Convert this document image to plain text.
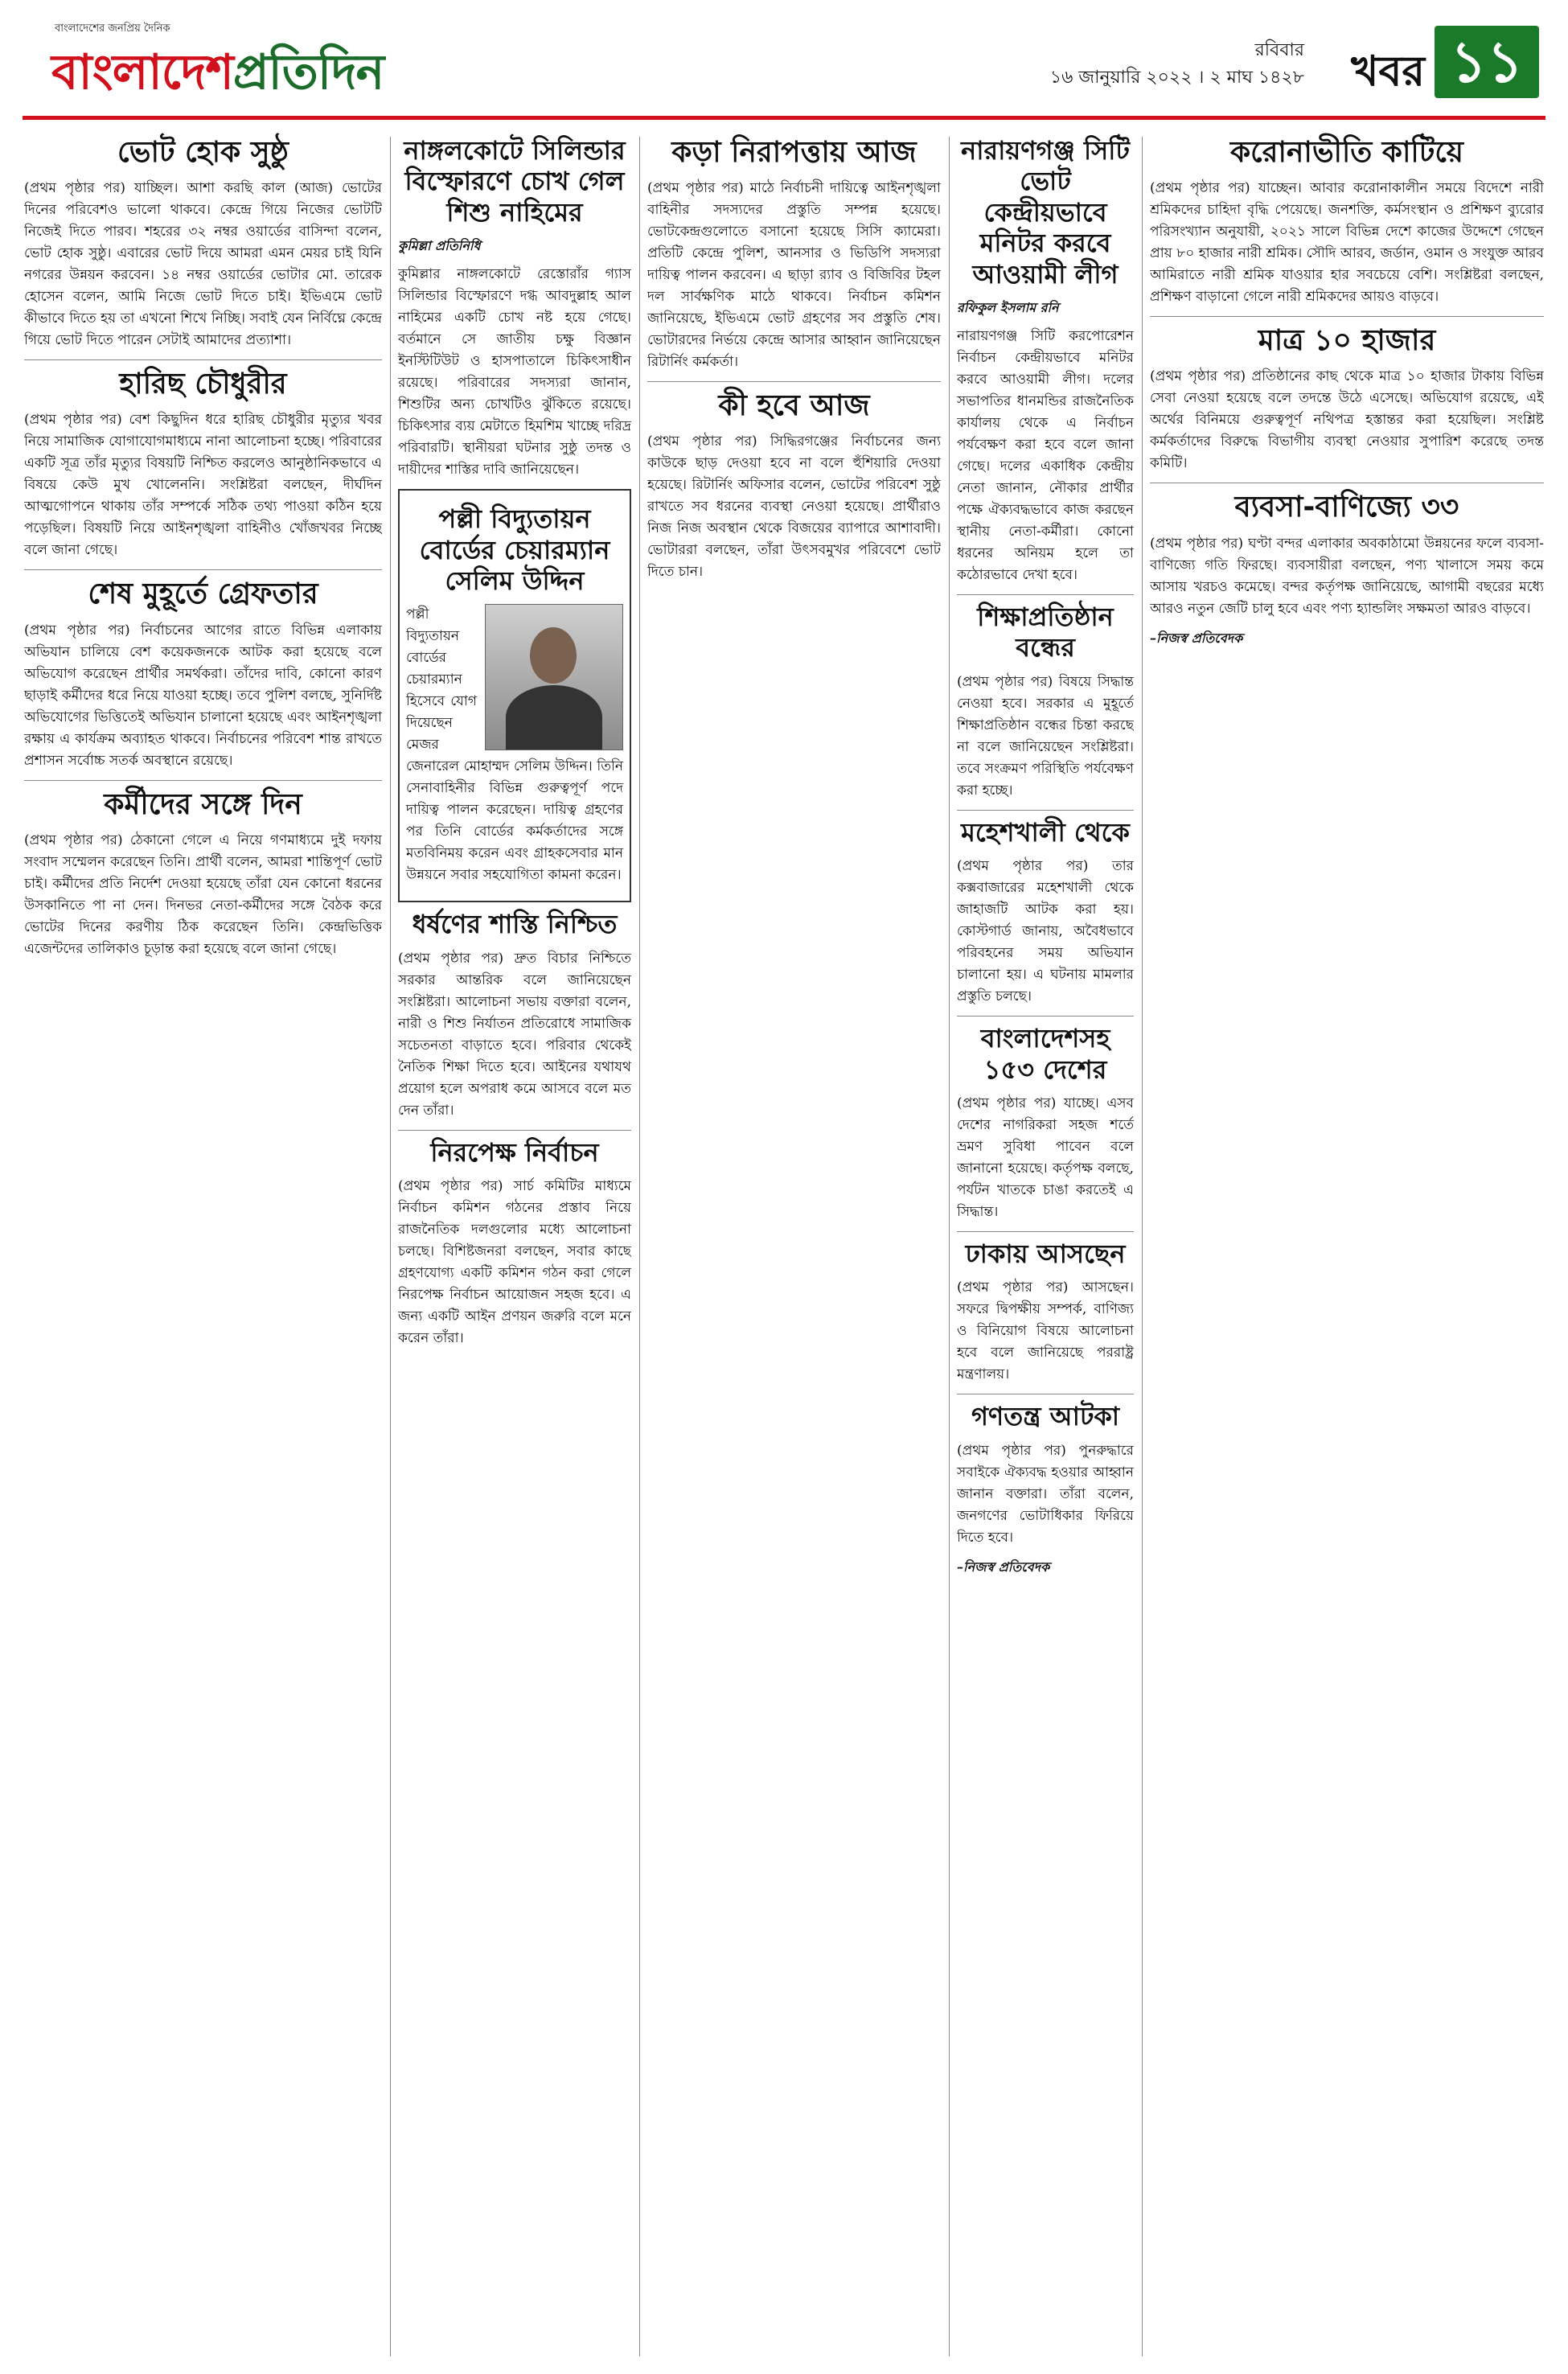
বাংলাদেশের জনপ্রিয় দৈনিক
বাংলাদেশপ্রতিদিন	রবিবার
১৬ জানুয়ারি ২০২২ । ২ মাঘ ১৪২৮ খবর ১১
ভোট হোক সুষ্ঠু

(প্রথম পৃষ্ঠার পর) যাচ্ছিল। আশা করছি কাল (আজ) ভোটের দিনের পরিবেশও ভালো থাকবে। কেন্দ্রে গিয়ে নিজের ভোটটি নিজেই দিতে পারব। শহরের ৩২ নম্বর ওয়ার্ডের বাসিন্দা বলেন, ভোট হোক সুষ্ঠু। এবারের ভোট দিয়ে আমরা এমন মেয়র চাই যিনি নগরের উন্নয়ন করবেন। ১৪ নম্বর ওয়ার্ডের ভোটার মো. তারেক হোসেন বলেন, আমি নিজে ভোট দিতে চাই। ইভিএমে ভোট কীভাবে দিতে হয় তা এখনো শিখে নিচ্ছি। সবাই যেন নির্বিঘ্নে কেন্দ্রে গিয়ে ভোট দিতে পারেন সেটাই আমাদের প্রত্যাশা।

হারিছ চৌধুরীর

(প্রথম পৃষ্ঠার পর) বেশ কিছুদিন ধরে হারিছ চৌধুরীর মৃত্যুর খবর নিয়ে সামাজিক যোগাযোগমাধ্যমে নানা আলোচনা হচ্ছে। পরিবারের একটি সূত্র তাঁর মৃত্যুর বিষয়টি নিশ্চিত করলেও আনুষ্ঠানিকভাবে এ বিষয়ে কেউ মুখ খোলেননি। সংশ্লিষ্টরা বলছেন, দীর্ঘদিন আত্মগোপনে থাকায় তাঁর সম্পর্কে সঠিক তথ্য পাওয়া কঠিন হয়ে পড়েছিল। বিষয়টি নিয়ে আইনশৃঙ্খলা বাহিনীও খোঁজখবর নিচ্ছে বলে জানা গেছে।

শেষ মুহূর্তে গ্রেফতার

(প্রথম পৃষ্ঠার পর) নির্বাচনের আগের রাতে বিভিন্ন এলাকায় অভিযান চালিয়ে বেশ কয়েকজনকে আটক করা হয়েছে বলে অভিযোগ করেছেন প্রার্থীর সমর্থকরা। তাঁদের দাবি, কোনো কারণ ছাড়াই কর্মীদের ধরে নিয়ে যাওয়া হচ্ছে। তবে পুলিশ বলছে, সুনির্দিষ্ট অভিযোগের ভিত্তিতেই অভিযান চালানো হয়েছে এবং আইনশৃঙ্খলা রক্ষায় এ কার্যক্রম অব্যাহত থাকবে। নির্বাচনের পরিবেশ শান্ত রাখতে প্রশাসন সর্বোচ্চ সতর্ক অবস্থানে রয়েছে।

কর্মীদের সঙ্গে দিন

(প্রথম পৃষ্ঠার পর) ঠেকানো গেলে এ নিয়ে গণমাধ্যমে দুই দফায় সংবাদ সম্মেলন করেছেন তিনি। প্রার্থী বলেন, আমরা শান্তিপূর্ণ ভোট চাই। কর্মীদের প্রতি নির্দেশ দেওয়া হয়েছে তাঁরা যেন কোনো ধরনের উসকানিতে পা না দেন। দিনভর নেতা-কর্মীদের সঙ্গে বৈঠক করে ভোটের দিনের করণীয় ঠিক করেছেন তিনি। কেন্দ্রভিত্তিক এজেন্টদের তালিকাও চূড়ান্ত করা হয়েছে বলে জানা গেছে।

নাঙ্গলকোটে সিলিন্ডার বিস্ফোরণে চোখ গেল শিশু নাহিমের
কুমিল্লা প্রতিনিধি

কুমিল্লার নাঙ্গলকোটে রেস্তোরাঁর গ্যাস সিলিন্ডার বিস্ফোরণে দগ্ধ আবদুল্লাহ আল নাহিমের একটি চোখ নষ্ট হয়ে গেছে। বর্তমানে সে জাতীয় চক্ষু বিজ্ঞান ইনস্টিটিউট ও হাসপাতালে চিকিৎসাধীন রয়েছে। পরিবারের সদস্যরা জানান, শিশুটির অন্য চোখটিও ঝুঁকিতে রয়েছে। চিকিৎসার ব্যয় মেটাতে হিমশিম খাচ্ছে দরিদ্র পরিবারটি। স্থানীয়রা ঘটনার সুষ্ঠু তদন্ত ও দায়ীদের শাস্তির দাবি জানিয়েছেন।

পল্লী বিদ্যুতায়ন বোর্ডের চেয়ারম্যান সেলিম উদ্দিন

পল্লী বিদ্যুতায়ন বোর্ডের চেয়ারম্যান হিসেবে যোগ দিয়েছেন মেজর জেনারেল মোহাম্মদ সেলিম উদ্দিন। তিনি সেনাবাহিনীর বিভিন্ন গুরুত্বপূর্ণ পদে দায়িত্ব পালন করেছেন। দায়িত্ব গ্রহণের পর তিনি বোর্ডের কর্মকর্তাদের সঙ্গে মতবিনিময় করেন এবং গ্রাহকসেবার মান উন্নয়নে সবার সহযোগিতা কামনা করেন।

ধর্ষণের শাস্তি নিশ্চিত

(প্রথম পৃষ্ঠার পর) দ্রুত বিচার নিশ্চিতে সরকার আন্তরিক বলে জানিয়েছেন সংশ্লিষ্টরা। আলোচনা সভায় বক্তারা বলেন, নারী ও শিশু নির্যাতন প্রতিরোধে সামাজিক সচেতনতা বাড়াতে হবে। পরিবার থেকেই নৈতিক শিক্ষা দিতে হবে। আইনের যথাযথ প্রয়োগ হলে অপরাধ কমে আসবে বলে মত দেন তাঁরা।

নিরপেক্ষ নির্বাচন

(প্রথম পৃষ্ঠার পর) সার্চ কমিটির মাধ্যমে নির্বাচন কমিশন গঠনের প্রস্তাব নিয়ে রাজনৈতিক দলগুলোর মধ্যে আলোচনা চলছে। বিশিষ্টজনরা বলছেন, সবার কাছে গ্রহণযোগ্য একটি কমিশন গঠন করা গেলে নিরপেক্ষ নির্বাচন আয়োজন সহজ হবে। এ জন্য একটি আইন প্রণয়ন জরুরি বলে মনে করেন তাঁরা।

কড়া নিরাপত্তায় আজ

(প্রথম পৃষ্ঠার পর) মাঠে নির্বাচনী দায়িত্বে আইনশৃঙ্খলা বাহিনীর সদস্যদের প্রস্তুতি সম্পন্ন হয়েছে। ভোটকেন্দ্রগুলোতে বসানো হয়েছে সিসি ক্যামেরা। প্রতিটি কেন্দ্রে পুলিশ, আনসার ও ভিডিপি সদস্যরা দায়িত্ব পালন করবেন। এ ছাড়া র‌্যাব ও বিজিবির টহল দল সার্বক্ষণিক মাঠে থাকবে। নির্বাচন কমিশন জানিয়েছে, ইভিএমে ভোট গ্রহণের সব প্রস্তুতি শেষ। ভোটারদের নির্ভয়ে কেন্দ্রে আসার আহ্বান জানিয়েছেন রিটার্নিং কর্মকর্তা।

কী হবে আজ

(প্রথম পৃষ্ঠার পর) সিদ্ধিরগঞ্জের নির্বাচনের জন্য কাউকে ছাড় দেওয়া হবে না বলে হুঁশিয়ারি দেওয়া হয়েছে। রিটার্নিং অফিসার বলেন, ভোটের পরিবেশ সুষ্ঠু রাখতে সব ধরনের ব্যবস্থা নেওয়া হয়েছে। প্রার্থীরাও নিজ নিজ অবস্থান থেকে বিজয়ের ব্যাপারে আশাবাদী। ভোটাররা বলছেন, তাঁরা উৎসবমুখর পরিবেশে ভোট দিতে চান।

নারায়ণগঞ্জ সিটি ভোট কেন্দ্রীয়ভাবে মনিটর করবে আওয়ামী লীগ
রফিকুল ইসলাম রনি

নারায়ণগঞ্জ সিটি করপোরেশন নির্বাচন কেন্দ্রীয়ভাবে মনিটর করবে আওয়ামী লীগ। দলের সভাপতির ধানমন্ডির রাজনৈতিক কার্যালয় থেকে এ নির্বাচন পর্যবেক্ষণ করা হবে বলে জানা গেছে। দলের একাধিক কেন্দ্রীয় নেতা জানান, নৌকার প্রার্থীর পক্ষে ঐক্যবদ্ধভাবে কাজ করছেন স্থানীয় নেতা-কর্মীরা। কোনো ধরনের অনিয়ম হলে তা কঠোরভাবে দেখা হবে।

শিক্ষাপ্রতিষ্ঠান বন্ধের

(প্রথম পৃষ্ঠার পর) বিষয়ে সিদ্ধান্ত নেওয়া হবে। সরকার এ মুহূর্তে শিক্ষাপ্রতিষ্ঠান বন্ধের চিন্তা করছে না বলে জানিয়েছেন সংশ্লিষ্টরা। তবে সংক্রমণ পরিস্থিতি পর্যবেক্ষণ করা হচ্ছে।

মহেশখালী থেকে

(প্রথম পৃষ্ঠার পর) তার কক্সবাজারের মহেশখালী থেকে জাহাজটি আটক করা হয়। কোস্টগার্ড জানায়, অবৈধভাবে পরিবহনের সময় অভিযান চালানো হয়। এ ঘটনায় মামলার প্রস্তুতি চলছে।

বাংলাদেশসহ ১৫৩ দেশের

(প্রথম পৃষ্ঠার পর) যাচ্ছে। এসব দেশের নাগরিকরা সহজ শর্তে ভ্রমণ সুবিধা পাবেন বলে জানানো হয়েছে। কর্তৃপক্ষ বলছে, পর্যটন খাতকে চাঙা করতেই এ সিদ্ধান্ত।

ঢাকায় আসছেন

(প্রথম পৃষ্ঠার পর) আসছেন। সফরে দ্বিপক্ষীয় সম্পর্ক, বাণিজ্য ও বিনিয়োগ বিষয়ে আলোচনা হবে বলে জানিয়েছে পররাষ্ট্র মন্ত্রণালয়।

গণতন্ত্র আটকা

(প্রথম পৃষ্ঠার পর) পুনরুদ্ধারে সবাইকে ঐক্যবদ্ধ হওয়ার আহ্বান জানান বক্তারা। তাঁরা বলেন, জনগণের ভোটাধিকার ফিরিয়ে দিতে হবে।

–নিজস্ব প্রতিবেদক
করোনাভীতি কাটিয়ে

(প্রথম পৃষ্ঠার পর) যাচ্ছেন। আবার করোনাকালীন সময়ে বিদেশে নারী শ্রমিকদের চাহিদা বৃদ্ধি পেয়েছে। জনশক্তি, কর্মসংস্থান ও প্রশিক্ষণ ব্যুরোর পরিসংখ্যান অনুযায়ী, ২০২১ সালে বিভিন্ন দেশে কাজের উদ্দেশে গেছেন প্রায় ৮০ হাজার নারী শ্রমিক। সৌদি আরব, জর্ডান, ওমান ও সংযুক্ত আরব আমিরাতে নারী শ্রমিক যাওয়ার হার সবচেয়ে বেশি। সংশ্লিষ্টরা বলছেন, প্রশিক্ষণ বাড়ানো গেলে নারী শ্রমিকদের আয়ও বাড়বে।

মাত্র ১০ হাজার

(প্রথম পৃষ্ঠার পর) প্রতিষ্ঠানের কাছ থেকে মাত্র ১০ হাজার টাকায় বিভিন্ন সেবা নেওয়া হয়েছে বলে তদন্তে উঠে এসেছে। অভিযোগ রয়েছে, এই অর্থের বিনিময়ে গুরুত্বপূর্ণ নথিপত্র হস্তান্তর করা হয়েছিল। সংশ্লিষ্ট কর্মকর্তাদের বিরুদ্ধে বিভাগীয় ব্যবস্থা নেওয়ার সুপারিশ করেছে তদন্ত কমিটি।

ব্যবসা-বাণিজ্যে ৩৩

(প্রথম পৃষ্ঠার পর) ঘণ্টা বন্দর এলাকার অবকাঠামো উন্নয়নের ফলে ব্যবসা-বাণিজ্যে গতি ফিরছে। ব্যবসায়ীরা বলছেন, পণ্য খালাসে সময় কমে আসায় খরচও কমেছে। বন্দর কর্তৃপক্ষ জানিয়েছে, আগামী বছরের মধ্যে আরও নতুন জেটি চালু হবে এবং পণ্য হ্যান্ডলিং সক্ষমতা আরও বাড়বে।

–নিজস্ব প্রতিবেদক
